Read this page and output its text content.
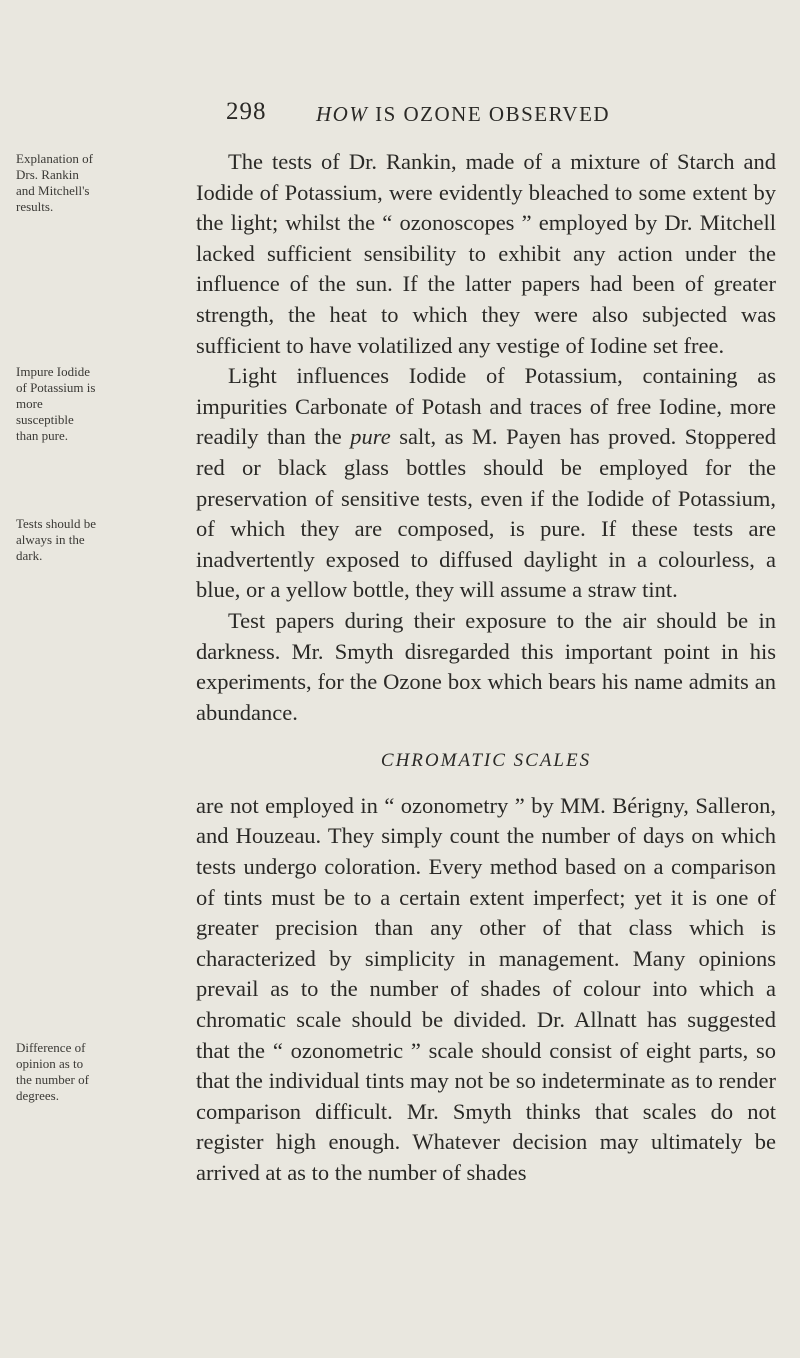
298 HOW IS OZONE OBSERVED
Explanation of Drs. Rankin and Mitchell's results.
Impure Iodide of Potassium is more susceptible than pure.
Tests should be always in the dark.
Difference of opinion as to the number of degrees.

The tests of Dr. Rankin, made of a mixture of Starch and Iodide of Potassium, were evidently bleached to some extent by the light; whilst the “ ozonoscopes ” employed by Dr. Mitchell lacked sufficient sensibility to exhibit any action under the influence of the sun. If the latter papers had been of greater strength, the heat to which they were also subjected was sufficient to have volatilized any vestige of Iodine set free.

Light influences Iodide of Potassium, containing as impurities Carbonate of Potash and traces of free Iodine, more readily than the pure salt, as M. Payen has proved. Stoppered red or black glass bottles should be employed for the preservation of sensitive tests, even if the Iodide of Potassium, of which they are composed, is pure. If these tests are inadvertently exposed to diffused daylight in a colourless, a blue, or a yellow bottle, they will assume a straw tint.

Test papers during their exposure to the air should be in darkness. Mr. Smyth disregarded this important point in his experiments, for the Ozone box which bears his name admits an abundance.

CHROMATIC SCALES

are not employed in “ ozonometry ” by MM. Bérigny, Salleron, and Houzeau. They simply count the number of days on which tests undergo coloration. Every method based on a comparison of tints must be to a certain extent imperfect; yet it is one of greater precision than any other of that class which is characterized by simplicity in management. Many opinions prevail as to the number of shades of colour into which a chromatic scale should be divided. Dr. Allnatt has suggested that the “ ozonometric ” scale should consist of eight parts, so that the individual tints may not be so indeterminate as to render comparison difficult. Mr. Smyth thinks that scales do not register high enough. Whatever decision may ultimately be arrived at as to the number of shades
